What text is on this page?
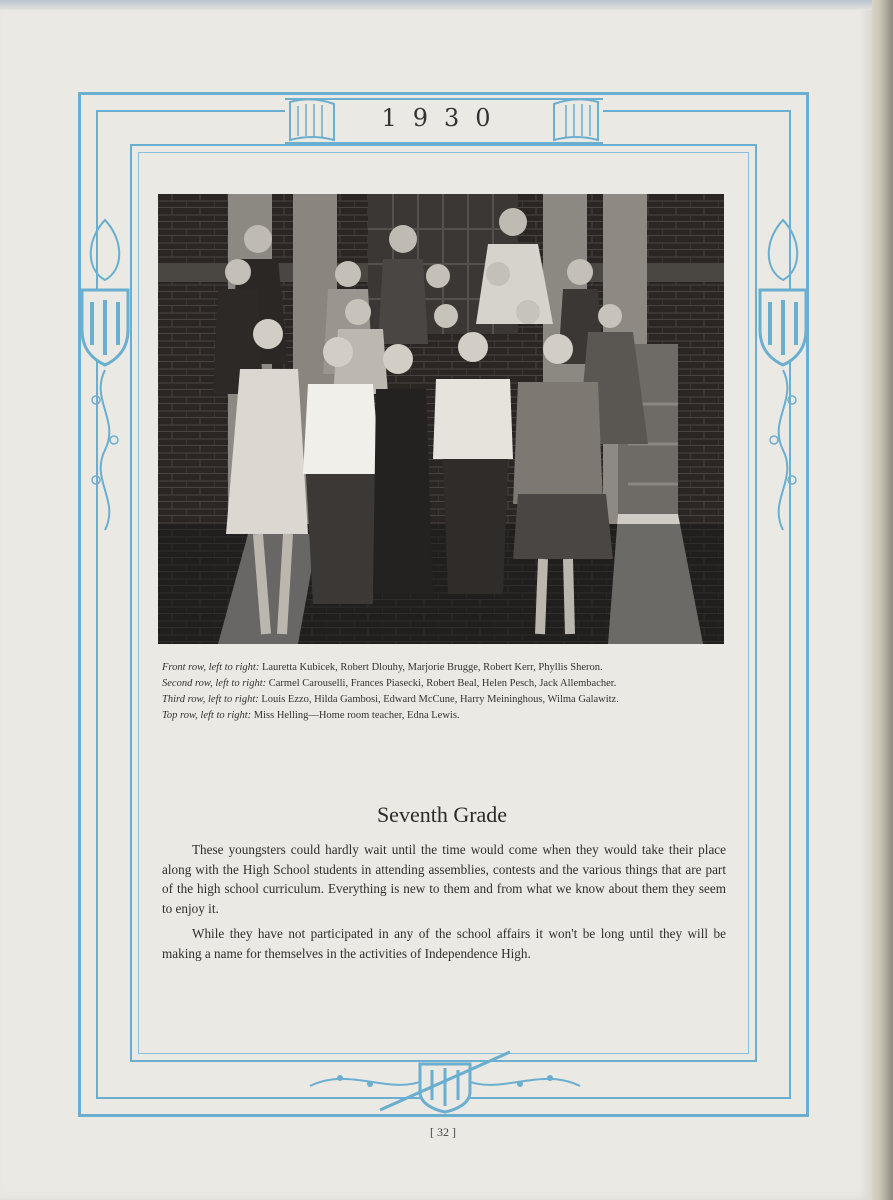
1930

Front row, left to right: Lauretta Kubicek, Robert Dlouhy, Marjorie Brugge, Robert Kerr, Phyllis Sheron.

Second row, left to right: Carmel Carouselli, Frances Piasecki, Robert Beal, Helen Pesch, Jack Allembacher.

Third row, left to right: Louis Ezzo, Hilda Gambosi, Edward McCune, Harry Meininghous, Wilma Galawitz.

Top row, left to right: Miss Helling—Home room teacher, Edna Lewis.

Seventh Grade

These youngsters could hardly wait until the time would come when they would take their place along with the High School students in attending assemblies, contests and the various things that are part of the high school curriculum. Everything is new to them and from what we know about them they seem to enjoy it.

While they have not participated in any of the school affairs it won't be long until they will be making a name for themselves in the activities of Independence High.

[ 32 ]
